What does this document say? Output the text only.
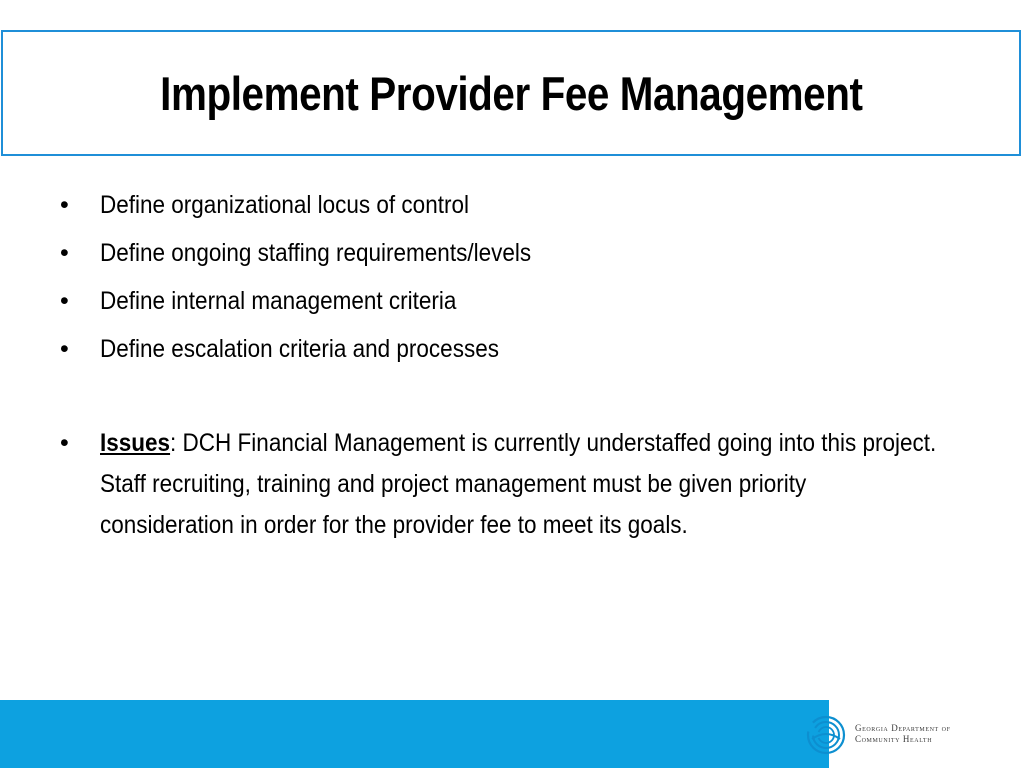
Implement Provider Fee Management
• Define organizational locus of control
• Define ongoing staffing requirements/levels
• Define internal management criteria
• Define escalation criteria and processes
• Issues: DCH Financial Management is currently understaffed going into this project. Staff recruiting, training and project management must be given priority consideration in order for the provider fee to meet its goals.
Georgia Department of
Community Health
